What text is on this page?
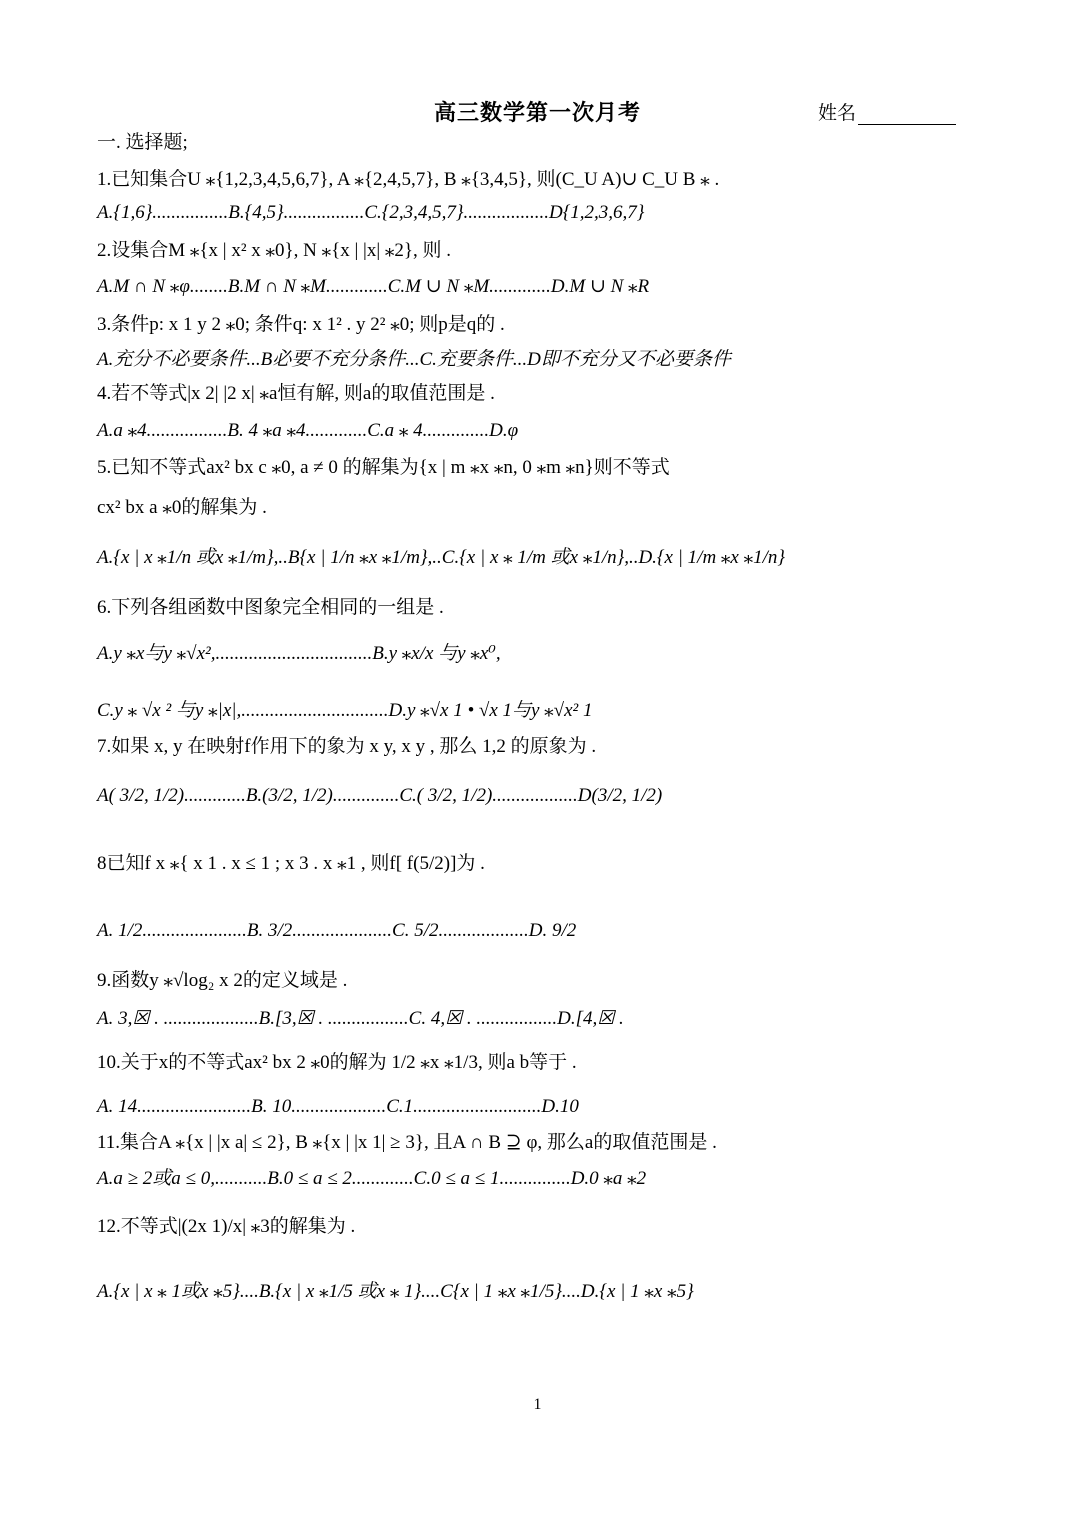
高三数学第一次月考	姓名
一. 选择题;
1.已知集合U ⁎{1,2,3,4,5,6,7}, A ⁎{2,4,5,7}, B ⁎{3,4,5}, 则(C_U A)∪ C_U B ⁎ .
A.{1,6}................B.{4,5}.................C.{2,3,4,5,7}..................D{1,2,3,6,7}
2.设集合M ⁎{x | x² x ⁎0}, N ⁎{x | |x| ⁎2}, 则 .
A.M ∩ N ⁎φ........B.M ∩ N ⁎M.............C.M ∪ N ⁎M.............D.M ∪ N ⁎R
3.条件p: x 1 y 2 ⁎0; 条件q: x 1² . y 2² ⁎0; 则p是q的 .
A.充分不必要条件...B必要不充分条件...C.充要条件...D即不充分又不必要条件
4.若不等式|x 2| |2 x| ⁎a恒有解, 则a的取值范围是 .
A.a ⁎4.................B. 4 ⁎a ⁎4.............C.a ⁎ 4..............D.φ
5.已知不等式ax² bx c ⁎0, a ≠ 0 的解集为{x | m ⁎x ⁎n, 0 ⁎m ⁎n}则不等式
cx² bx a ⁎0的解集为 .
A.{x | x ⁎1/n 或x ⁎1/m},..B{x | 1/n ⁎x ⁎1/m},..C.{x | x ⁎ 1/m 或x ⁎1/n},..D.{x | 1/m ⁎x ⁎1/n}
6.下列各组函数中图象完全相同的一组是 .
A.y ⁎x与y ⁎√x²,.................................B.y ⁎x/x 与y ⁎x⁰,
C.y ⁎ √x ² 与y ⁎|x|,...............................D.y ⁎√x 1 • √x 1与y ⁎√x² 1
7.如果 x, y 在映射f作用下的象为 x y, x y , 那么 1,2 的原象为 .
A( 3/2, 1/2).............B.(3/2, 1/2)..............C.( 3/2, 1/2)..................D(3/2, 1/2)
8已知f x ⁎{ x 1 . x ≤ 1 ; x 3 . x ⁎1 , 则f[ f(5/2)]为 .
A. 1/2......................B. 3/2.....................C. 5/2...................D. 9/2
9.函数y ⁎√log₂ x 2的定义域是 .
A. 3,☒ . ....................B.[3,☒ . .................C. 4,☒ . .................D.[4,☒ .
10.关于x的不等式ax² bx 2 ⁎0的解为 1/2 ⁎x ⁎1/3, 则a b等于 .
A. 14........................B. 10....................C.1...........................D.10
11.集合A ⁎{x | |x a| ≤ 2}, B ⁎{x | |x 1| ≥ 3}, 且A ∩ B ⊇ φ, 那么a的取值范围是 .
A.a ≥ 2或a ≤ 0,...........B.0 ≤ a ≤ 2.............C.0 ≤ a ≤ 1...............D.0 ⁎a ⁎2
12.不等式|(2x 1)/x| ⁎3的解集为 .
A.{x | x ⁎ 1或x ⁎5}....B.{x | x ⁎1/5 或x ⁎ 1}....C{x | 1 ⁎x ⁎1/5}....D.{x | 1 ⁎x ⁎5}
1
